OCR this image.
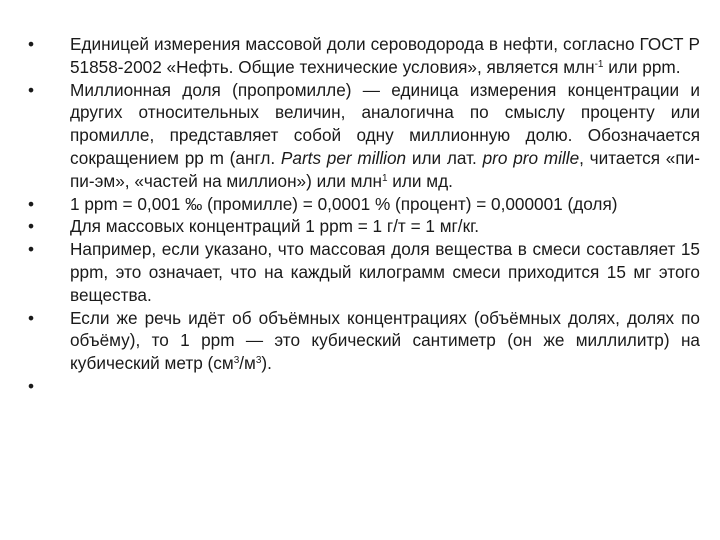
•	Единицей измерения массовой доли сероводорода в нефти, согласно ГОСТ Р 51858-2002 «Нефть. Общие технические условия», является млн$^{-1}$ или ppm.
•	Миллионная доля (пропромилле) — единица измерения концентрации и других относительных величин, аналогична по смыслу проценту или промилле, представляет собой одну миллионную долю. Обозначается сокращением pp m (англ. Parts per million или лат. pro pro mille, читается «пи-пи-эм», «частей на миллион») или млн$^1$ или мд.
•	1 ppm = 0,001 ‰ (промилле) = 0,0001 % (процент) = 0,000001 (доля)
•	Для массовых концентраций 1 ppm = 1 г/т = 1 мг/кг.
•	Например, если указано, что массовая доля вещества в смеси составляет 15 ppm, это означает, что на каждый килограмм смеси приходится 15 мг этого вещества.
•	Если же речь идёт об объёмных концентрациях (объёмных долях, долях по объёму), то 1 ppm — это кубический сантиметр (он же миллилитр) на кубический метр $(см^3/м^3)$.
•
